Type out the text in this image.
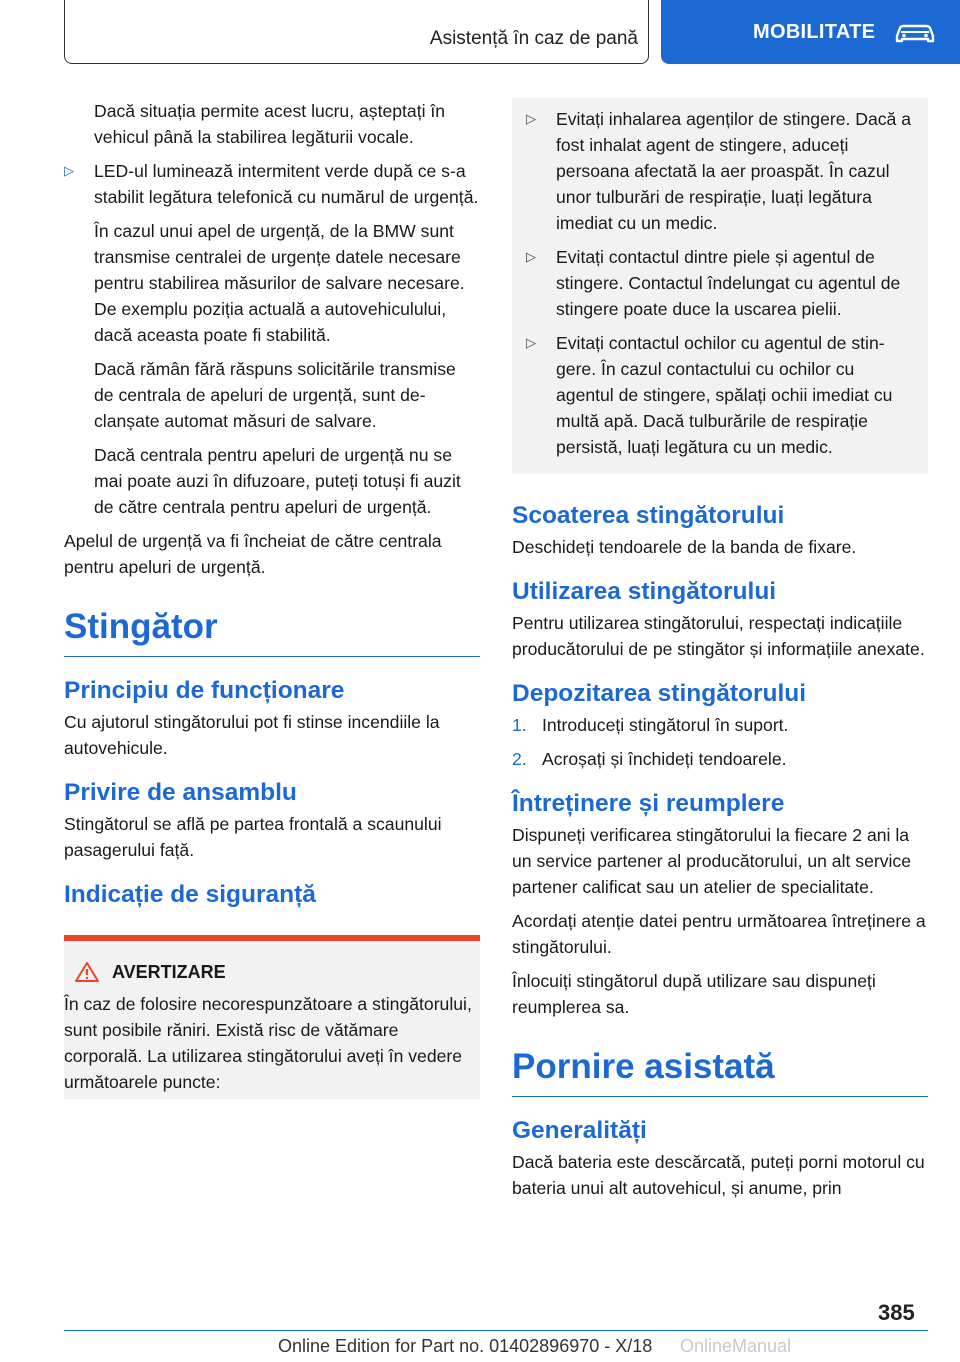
Asistență în caz de pană	MOBILITATE

Dacă situația permite acest lucru, așteptați în vehicul până la stabilirea legăturii vocale.

▷ LED-ul luminează intermitent verde după ce s-a stabilit legătura telefonică cu numărul de urgență.

În cazul unui apel de urgență, de la BMW sunt transmise centralei de urgențe datele necesare pentru stabilirea măsurilor de salvare necesare. De exemplu poziția actuală a autovehiculului, dacă aceasta poate fi stabilită.

Dacă rămân fără răspuns solicitările transmise de centrala de apeluri de urgență, sunt declanșate automat măsuri de salvare.

Dacă centrala pentru apeluri de urgență nu se mai poate auzi în difuzoare, puteți totuși fi auzit de către centrala pentru apeluri de urgență.

Apelul de urgență va fi încheiat de către centrala pentru apeluri de urgență.

Stingător
Principiu de funcționare

Cu ajutorul stingătorului pot fi stinse incendiile la autovehicule.

Privire de ansamblu

Stingătorul se află pe partea frontală a scaunului pasagerului față.

Indicație de siguranță
AVERTIZARE

În caz de folosire necorespunzătoare a stingătorului, sunt posibile răniri. Există risc de vătămare corporală. La utilizarea stingătorului aveți în vedere următoarele puncte:

▷ Evitați inhalarea agenților de stingere. Dacă a fost inhalat agent de stingere, aduceți persoana afectată la aer proaspăt. În cazul unor tulburări de respirație, luați legătura imediat cu un medic.
▷ Evitați contactul dintre piele și agentul de stingere. Contactul îndelungat cu agentul de stingere poate duce la uscarea pielii.
▷ Evitați contactul ochilor cu agentul de stingere. În cazul contactului cu ochilor cu agentul de stingere, spălați ochii imediat cu multă apă. Dacă tulburările de respirație persistă, luați legătura cu un medic.
Scoaterea stingătorului

Deschideți tendoarele de la banda de fixare.

Utilizarea stingătorului

Pentru utilizarea stingătorului, respectați indicațiile producătorului de pe stingător și informațiile anexate.

Depozitarea stingătorului
1. Introduceți stingătorul în suport.
2. Acroșați și închideți tendoarele.
Întreținere și reumplere

Dispuneți verificarea stingătorului la fiecare 2 ani la un service partener al producătorului, un alt service partener calificat sau un atelier de specialitate.

Acordați atenție datei pentru următoarea întreținere a stingătorului.

Înlocuiți stingătorul după utilizare sau dispuneți reumplerea sa.

Pornire asistată
Generalități

Dacă bateria este descărcată, puteți porni motorul cu bateria unui alt autovehicul, și anume, prin

385
Online Edition for Part no. 01402896970 - X/18 OnlineManual
